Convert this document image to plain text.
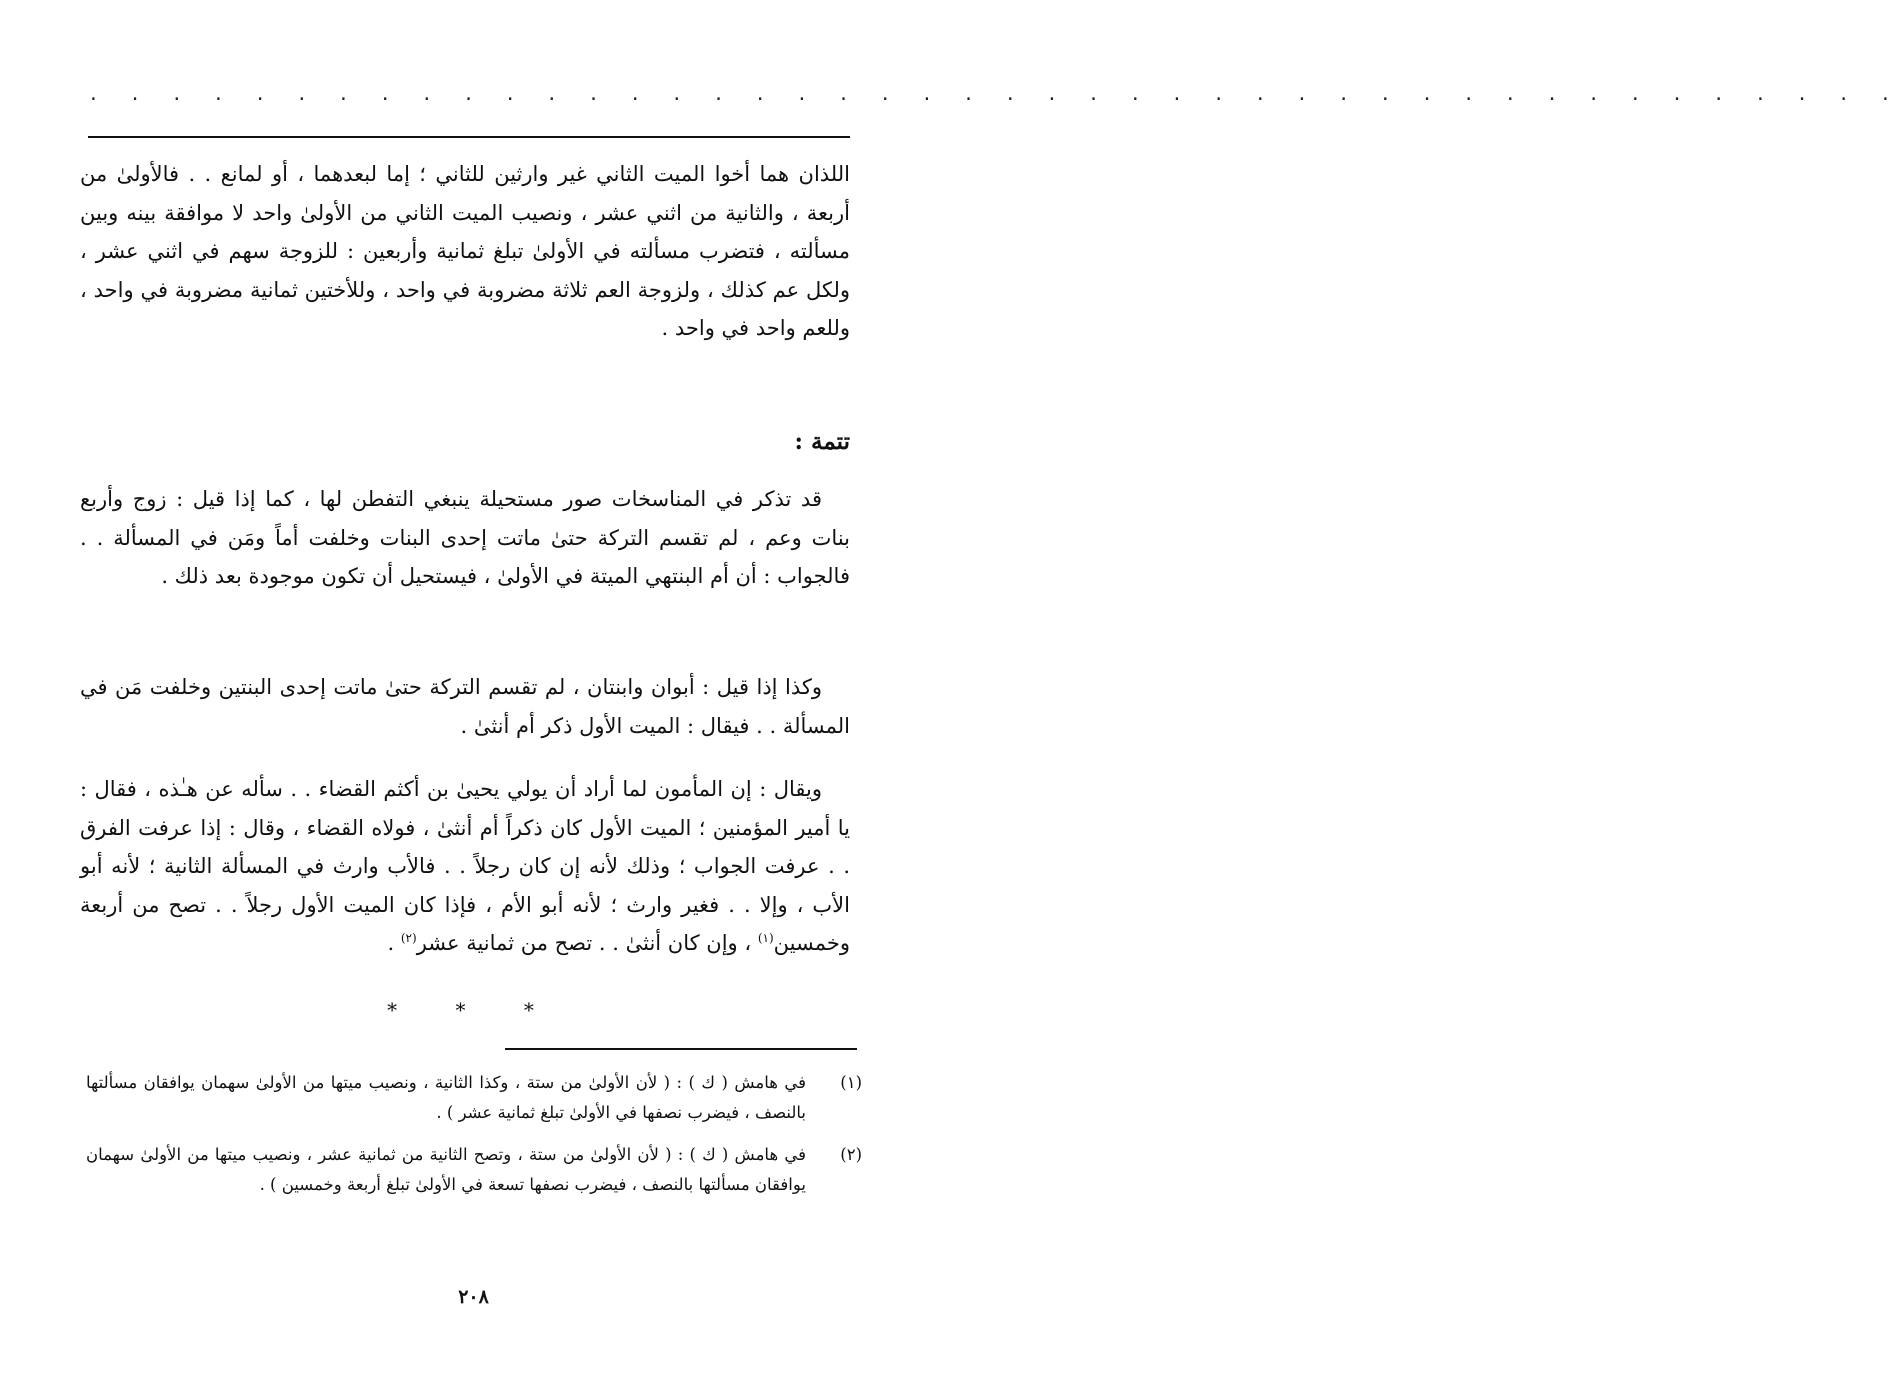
. . . . . . . . . . . . . . . . . . . . . . . . . . . . . . . . . . . . . . . . . . . .

اللذان هما أخوا الميت الثاني غير وارثين للثاني ؛ إما لبعدهما ، أو لمانع . . فالأولىٰ من أربعة ، والثانية من اثني عشر ، ونصيب الميت الثاني من الأولىٰ واحد لا موافقة بينه وبين مسألته ، فتضرب مسألته في الأولىٰ تبلغ ثمانية وأربعين : للزوجة سهم في اثني عشر ، ولكل عم كذلك ، ولزوجة العم ثلاثة مضروبة في واحد ، وللأختين ثمانية مضروبة في واحد ، وللعم واحد في واحد .

تتمة :

قد تذكر في المناسخات صور مستحيلة ينبغي التفطن لها ، كما إذا قيل : زوج وأربع بنات وعم ، لم تقسم التركة حتىٰ ماتت إحدى البنات وخلفت أماً ومَن في المسألة . . فالجواب : أن أم البنتهي الميتة في الأولىٰ ، فيستحيل أن تكون موجودة بعد ذلك .

وكذا إذا قيل : أبوان وابنتان ، لم تقسم التركة حتىٰ ماتت إحدى البنتين وخلفت مَن في المسألة . . فيقال : الميت الأول ذكر أم أنثىٰ .

ويقال : إن المأمون لما أراد أن يولي يحيىٰ بن أكثم القضاء . . سأله عن هـٰذه ، فقال : يا أمير المؤمنين ؛ الميت الأول كان ذكراً أم أنثىٰ ، فولاه القضاء ، وقال : إذا عرفت الفرق . . عرفت الجواب ؛ وذلك لأنه إن كان رجلاً . . فالأب وارث في المسألة الثانية ؛ لأنه أبو الأب ، وإلا . . فغير وارث ؛ لأنه أبو الأم ، فإذا كان الميت الأول رجلاً . . تصح من أربعة وخمسين$^{(١)}$ ، وإن كان أنثىٰ . . تصح من ثمانية عشر$^{(٢)}$ .

* * *
(١)
في هامش ( ك ) : ( لأن الأولىٰ من ستة ، وكذا الثانية ، ونصيب ميتها من الأولىٰ سهمان يوافقان مسألتها بالنصف ، فيضرب نصفها في الأولىٰ تبلغ ثمانية عشر ) .
(٢)
في هامش ( ك ) : ( لأن الأولىٰ من ستة ، وتصح الثانية من ثمانية عشر ، ونصيب ميتها من الأولىٰ سهمان يوافقان مسألتها بالنصف ، فيضرب نصفها تسعة في الأولىٰ تبلغ أربعة وخمسين ) .
٢٠٨
